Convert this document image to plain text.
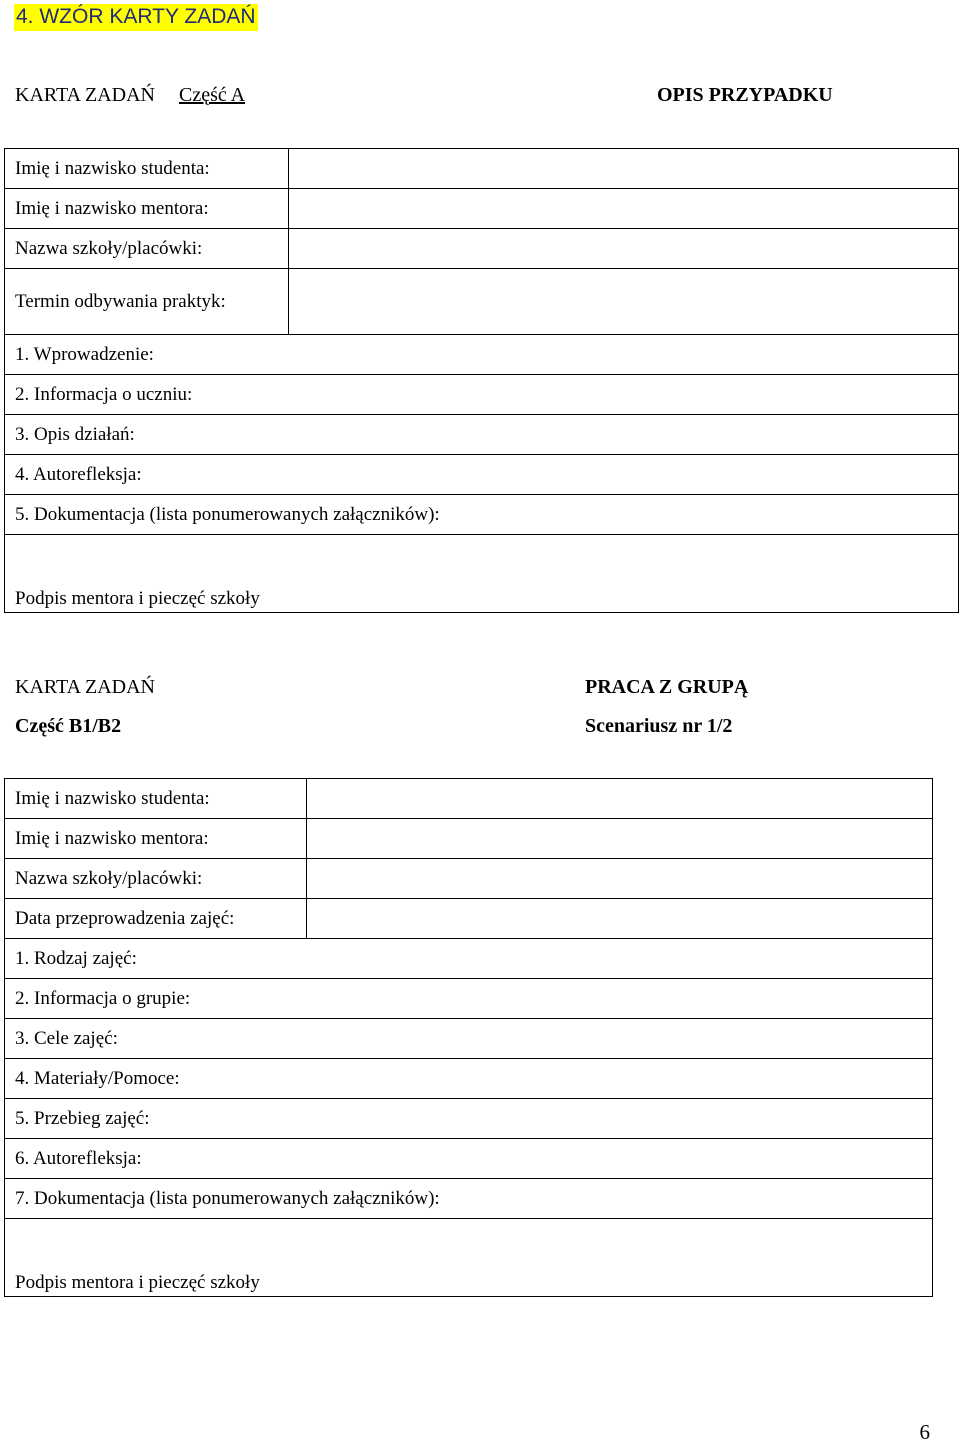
4. WZÓR KARTY ZADAŃ
KARTA ZADAŃ Część A	OPIS PRZYPADKU
Imię i nazwisko studenta:	
Imię i nazwisko mentora:	
Nazwa szkoły/placówki:	
Termin odbywania praktyk:	
1. Wprowadzenie:	
2. Informacja o uczniu:	
3. Opis działań:	
4. Autorefleksja:	
5. Dokumentacja (lista ponumerowanych załączników):	
Podpis mentora i pieczęć szkoły	
KARTA ZADAŃ	PRACA Z GRUPĄ
Część B1/B2	Scenariusz nr 1/2
Imię i nazwisko studenta:	
Imię i nazwisko mentora:	
Nazwa szkoły/placówki:	
Data przeprowadzenia zajęć:	
1. Rodzaj zajęć:	
2. Informacja o grupie:	
3. Cele zajęć:	
4. Materiały/Pomoce:	
5. Przebieg zajęć:	
6. Autorefleksja:	
7. Dokumentacja (lista ponumerowanych załączników):	
Podpis mentora i pieczęć szkoły	
6
